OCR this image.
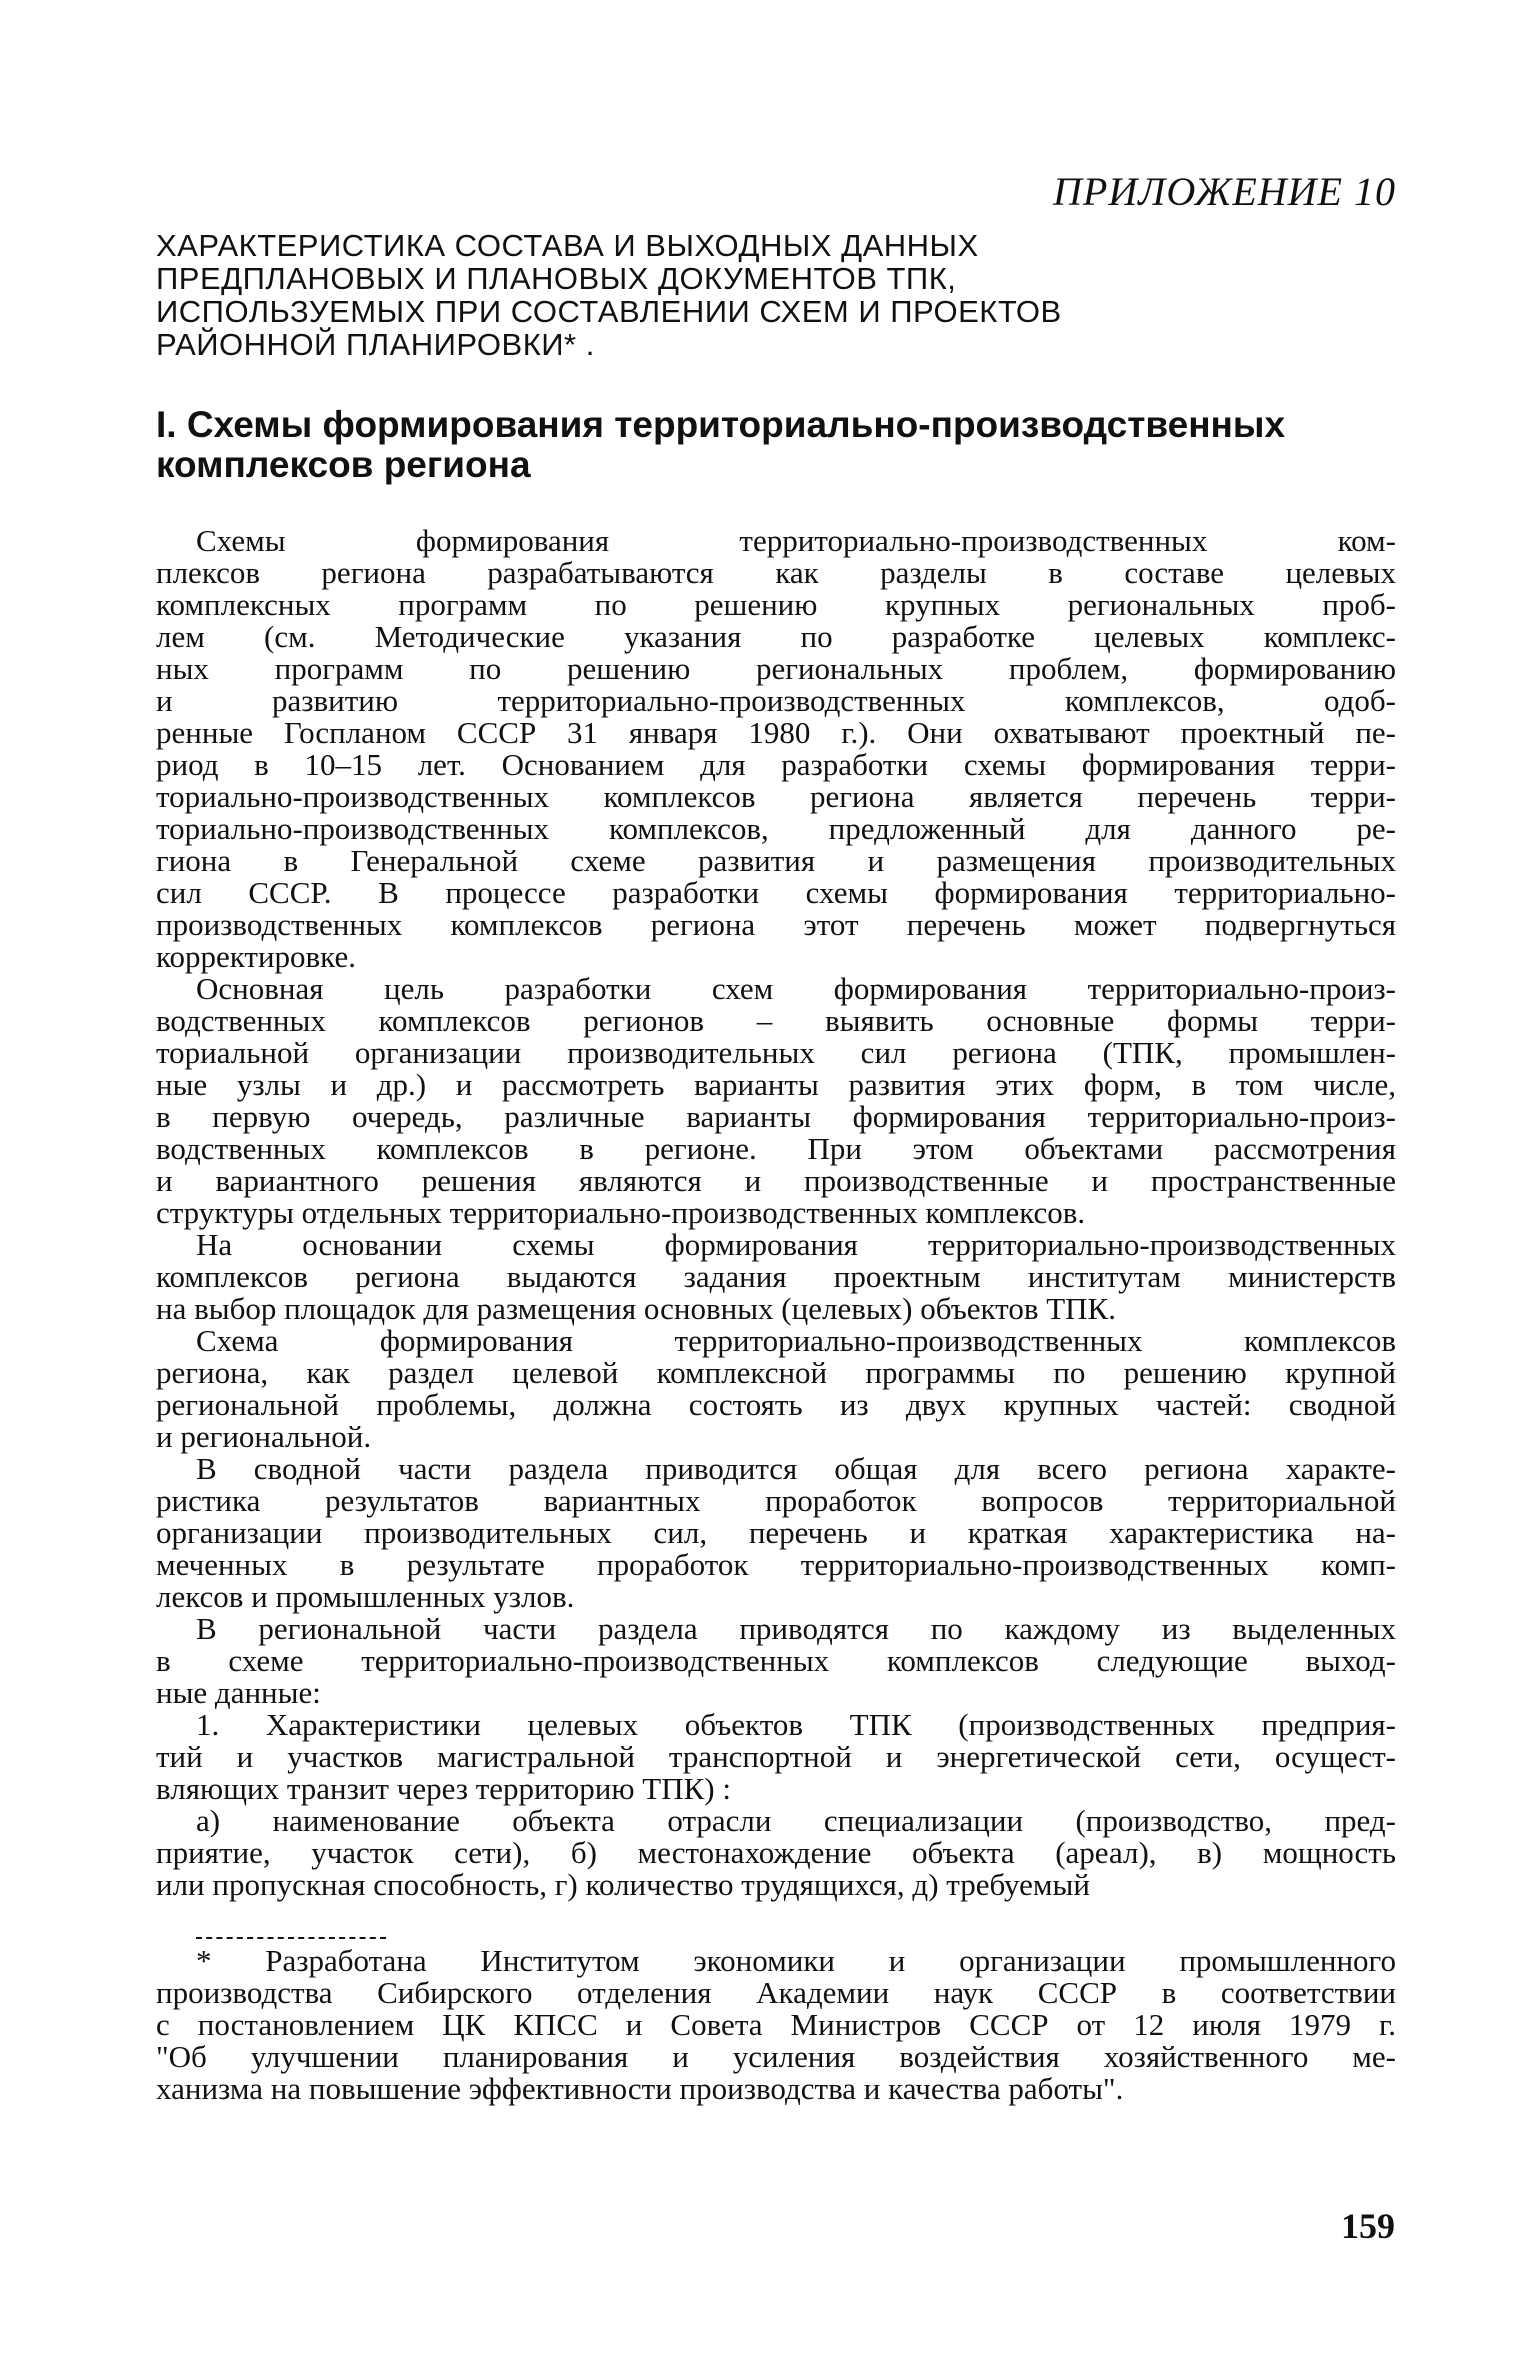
ПРИЛОЖЕНИЕ 10
ХАРАКТЕРИСТИКА СОСТАВА И ВЫХОДНЫХ ДАННЫХ
ПРЕДПЛАНОВЫХ И ПЛАНОВЫХ ДОКУМЕНТОВ ТПК,
ИСПОЛЬЗУЕМЫХ ПРИ СОСТАВЛЕНИИ СХЕМ И ПРОЕКТОВ
РАЙОННОЙ ПЛАНИРОВКИ* .
I. Схемы формирования территориально-производственных
комплексов региона
Схемы формирования территориально-производственных ком-
плексов региона разрабатываются как разделы в составе целевых
комплексных программ по решению крупных региональных проб-
лем (см. Методические указания по разработке целевых комплекс-
ных программ по решению региональных проблем, формированию
и развитию территориально-производственных комплексов, одоб-
ренные Госпланом СССР 31 января 1980 г.). Они охватывают проектный пе-
риод в 10–15 лет. Основанием для разработки схемы формирования терри-
ториально-производственных комплексов региона является перечень терри-
ториально-производственных комплексов, предложенный для данного ре-
гиона в Генеральной схеме развития и размещения производительных
сил СССР. В процессе разработки схемы формирования территориально-
производственных комплексов региона этот перечень может подвергнуться
корректировке.
Основная цель разработки схем формирования территориально-произ-
водственных комплексов регионов – выявить основные формы терри-
ториальной организации производительных сил региона (ТПК, промышлен-
ные узлы и др.) и рассмотреть варианты развития этих форм, в том числе,
в первую очередь, различные варианты формирования территориально-произ-
водственных комплексов в регионе. При этом объектами рассмотрения
и вариантного решения являются и производственные и пространственные
структуры отдельных территориально-производственных комплексов.
На основании схемы формирования территориально-производственных
комплексов региона выдаются задания проектным институтам министерств
на выбор площадок для размещения основных (целевых) объектов ТПК.
Схема формирования территориально-производственных комплексов
региона, как раздел целевой комплексной программы по решению крупной
региональной проблемы, должна состоять из двух крупных частей: сводной
и региональной.
В сводной части раздела приводится общая для всего региона характе-
ристика результатов вариантных проработок вопросов территориальной
организации производительных сил, перечень и краткая характеристика на-
меченных в результате проработок территориально-производственных комп-
лексов и промышленных узлов.
В региональной части раздела приводятся по каждому из выделенных
в схеме территориально-производственных комплексов следующие выход-
ные данные:
1. Характеристики целевых объектов ТПК (производственных предприя-
тий и участков магистральной транспортной и энергетической сети, осущест-
вляющих транзит через территорию ТПК) :
а) наименование объекта отрасли специализации (производство, пред-
приятие, участок сети), б) местонахождение объекта (ареал), в) мощность
или пропускная способность, г) количество трудящихся, д) требуемый
* Разработана Институтом экономики и организации промышленного
производства Сибирского отделения Академии наук СССР в соответствии
с постановлением ЦК КПСС и Совета Министров СССР от 12 июля 1979 г.
"Об улучшении планирования и усиления воздействия хозяйственного ме-
ханизма на повышение эффективности производства и качества работы".
159
